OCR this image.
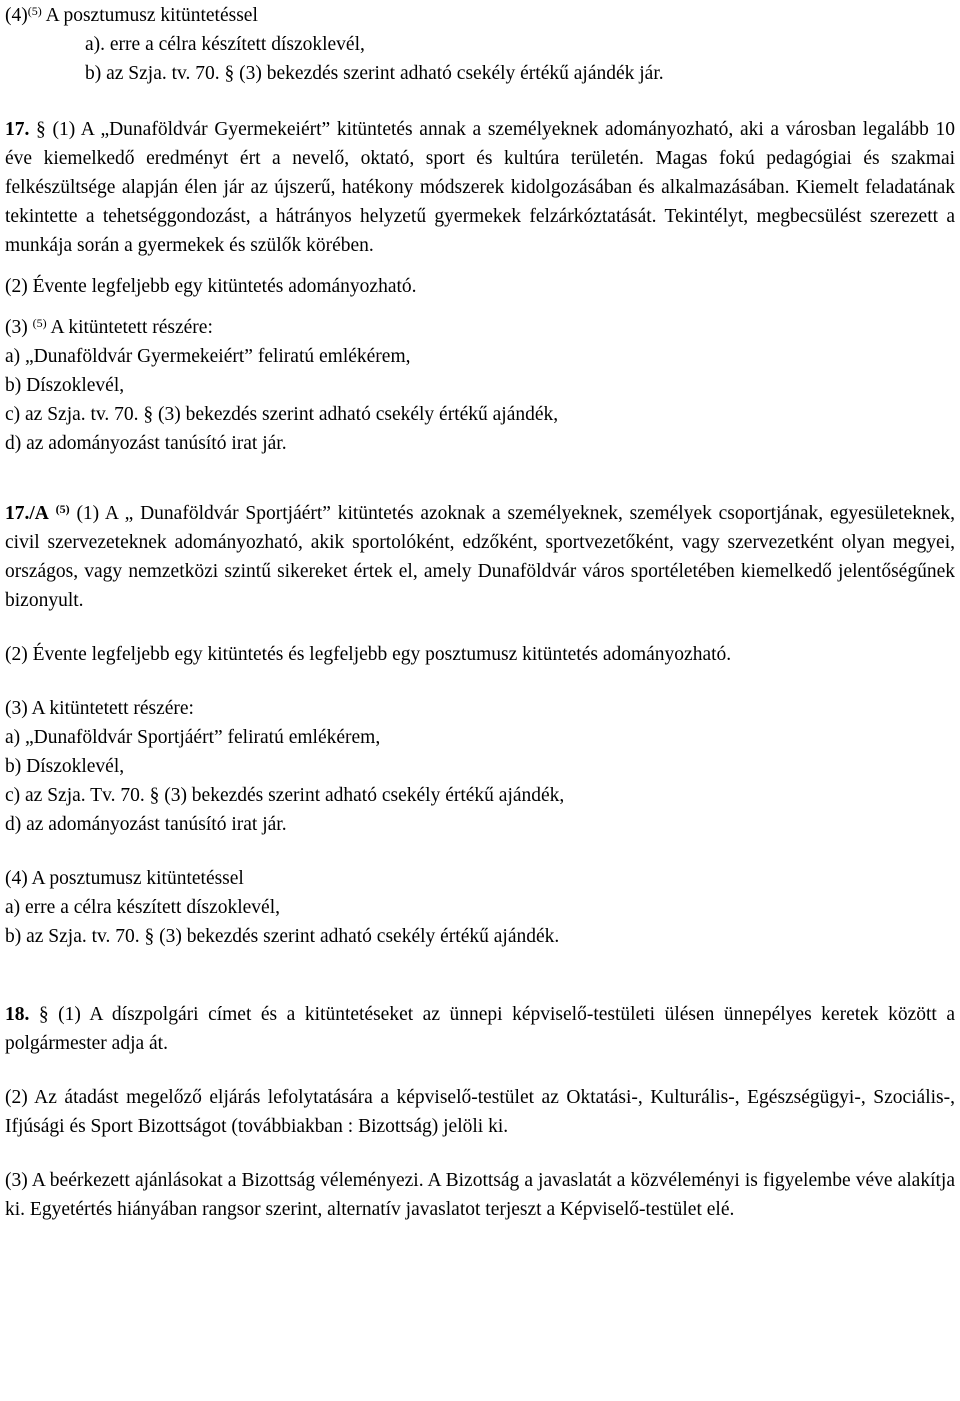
$(4)^{(5)}$ A posztumusz kitüntetéssel

a). erre a célra készített díszoklevél,

b) az Szja. tv. 70. § (3) bekezdés szerint adható csekély értékű ajándék jár.

17. § (1) A „Dunaföldvár Gyermekeiért” kitüntetés annak a személyeknek adományozható, aki a városban legalább 10 éve kiemelkedő eredményt ért a nevelő, oktató, sport és kultúra területén. Magas fokú pedagógiai és szakmai felkészültsége alapján élen jár az újszerű, hatékony módszerek kidolgozásában és alkalmazásában. Kiemelt feladatának tekintette a tehetséggondozást, a hátrányos helyzetű gyermekek felzárkóztatását. Tekintélyt, megbecsülést szerezett a munkája során a gyermekek és szülők körében.

(2) Évente legfeljebb egy kitüntetés adományozható.

(3) $^{(5)}$ A kitüntetett részére:

a) „Dunaföldvár Gyermekeiért” feliratú emlékérem,

b) Díszoklevél,

c) az Szja. tv. 70. § (3) bekezdés szerint adható csekély értékű ajándék,

d) az adományozást tanúsító irat jár.

17./A $^{(5)}$ (1) A „ Dunaföldvár Sportjáért” kitüntetés azoknak a személyeknek, személyek csoportjának, egyesületeknek, civil szervezeteknek adományozható, akik sportolóként, edzőként, sportvezetőként, vagy szervezetként olyan megyei, országos, vagy nemzetközi szintű sikereket értek el, amely Dunaföldvár város sportéletében kiemelkedő jelentőségűnek bizonyult.

(2) Évente legfeljebb egy kitüntetés és legfeljebb egy posztumusz kitüntetés adományozható.

(3) A kitüntetett részére:

a) „Dunaföldvár Sportjáért” feliratú emlékérem,

b) Díszoklevél,

c) az Szja. Tv. 70. § (3) bekezdés szerint adható csekély értékű ajándék,

d) az adományozást tanúsító irat jár.

(4) A posztumusz kitüntetéssel

a) erre a célra készített díszoklevél,

b) az Szja. tv. 70. § (3) bekezdés szerint adható csekély értékű ajándék.

18. § (1) A díszpolgári címet és a kitüntetéseket az ünnepi képviselő-testületi ülésen ünnepélyes keretek között a polgármester adja át.

(2) Az átadást megelőző eljárás lefolytatására a képviselő-testület az Oktatási-, Kulturális-, Egészségügyi-, Szociális-, Ifjúsági és Sport Bizottságot (továbbiakban : Bizottság) jelöli ki.

(3) A beérkezett ajánlásokat a Bizottság véleményezi. A Bizottság a javaslatát a közvéleményi is figyelembe véve alakítja ki. Egyetértés hiányában rangsor szerint, alternatív javaslatot terjeszt a Képviselő-testület elé.
